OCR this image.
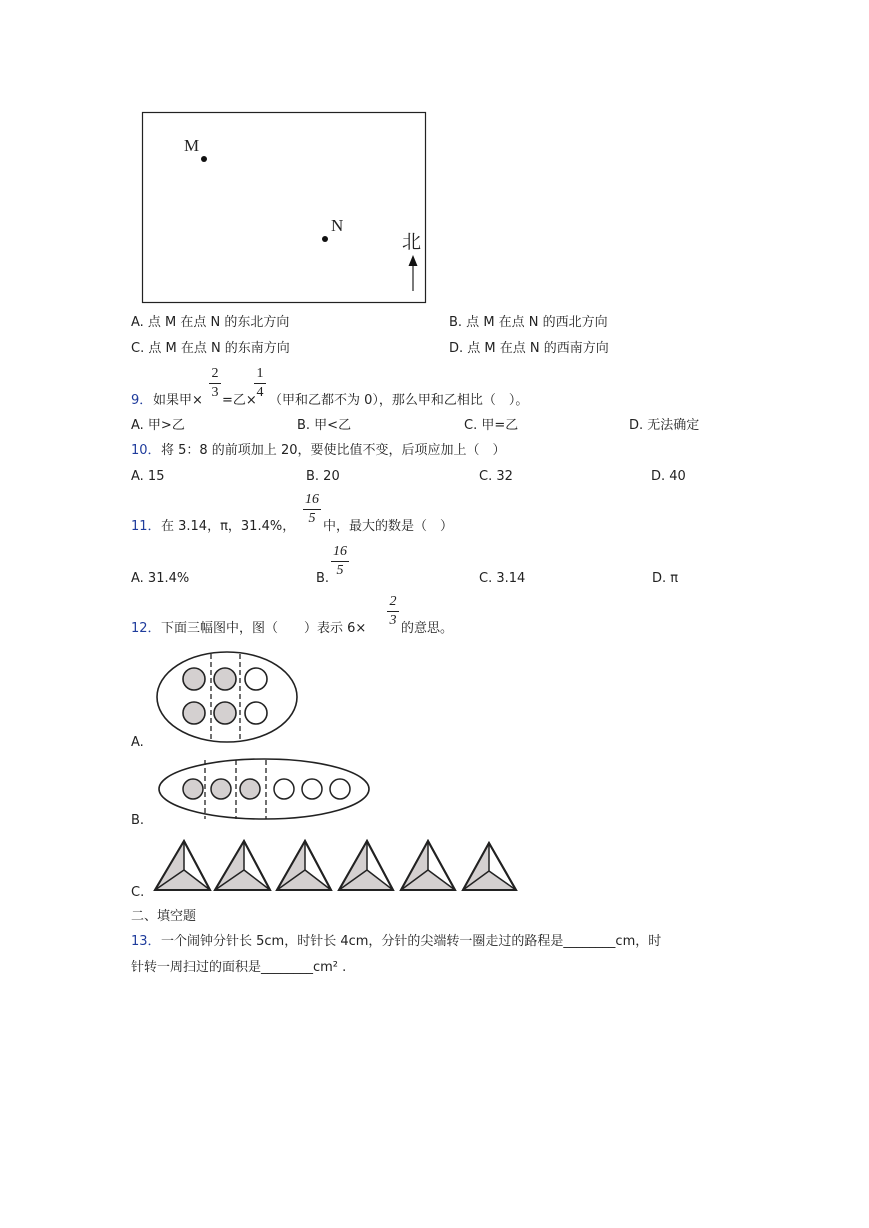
M
N
北
A. 点 M 在点 N 的东北方向	B. 点 M 在点 N 的西北方向
C. 点 M 在点 N 的东南方向	D. 点 M 在点 N 的西南方向
9． 如果甲×
2
3
=乙×
1
4
（甲和乙都不为 0），那么甲和乙相比（　）。
A. 甲>乙	B. 甲<乙	C. 甲=乙	D. 无法确定
10． 将 5：8 的前项加上 20，要使比值不变，后项应加上（　）
A. 15	B. 20	C. 32	D. 40
11． 在 3.14，π，31.4%，
16
5
中，最大的数是（　）
A. 31.4%	B.
16
5
C. 3.14	D. π
12． 下面三幅图中，图（　　）表示 6×
2
3
的意思。
A.
B.
C.
二、填空题
13． 一个闹钟分针长 5cm，时针长 4cm，分针的尖端转一圈走过的路程是________cm，时
针转一周扫过的面积是________cm² .
